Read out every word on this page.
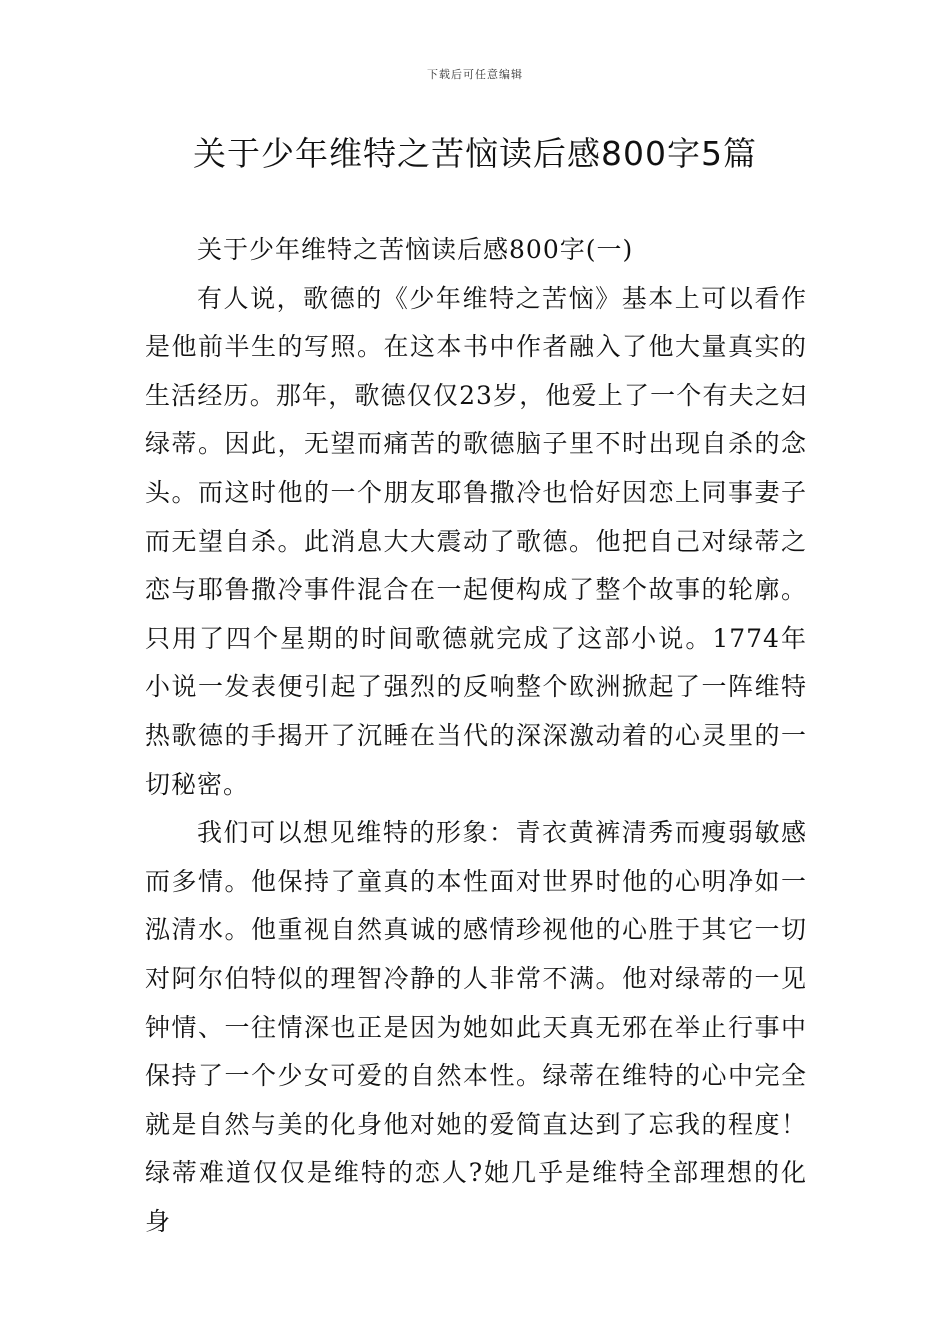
下载后可任意编辑
关于少年维特之苦恼读后感800字5篇

关于少年维特之苦恼读后感800字(一)

有人说，歌德的《少年维特之苦恼》基本上可以看作是他前半生的写照。在这本书中作者融入了他大量真实的生活经历。那年，歌德仅仅23岁，他爱上了一个有夫之妇绿蒂。因此，无望而痛苦的歌德脑子里不时出现自杀的念头。而这时他的一个朋友耶鲁撒冷也恰好因恋上同事妻子而无望自杀。此消息大大震动了歌德。他把自己对绿蒂之恋与耶鲁撒冷事件混合在一起便构成了整个故事的轮廓。只用了四个星期的时间歌德就完成了这部小说。1774年小说一发表便引起了强烈的反响整个欧洲掀起了一阵维特热歌德的手揭开了沉睡在当代的深深激动着的心灵里的一切秘密。

我们可以想见维特的形象：青衣黄裤清秀而瘦弱敏感而多情。他保持了童真的本性面对世界时他的心明净如一泓清水。他重视自然真诚的感情珍视他的心胜于其它一切对阿尔伯特似的理智冷静的人非常不满。他对绿蒂的一见钟情、一往情深也正是因为她如此天真无邪在举止行事中保持了一个少女可爱的自然本性。绿蒂在维特的心中完全就是自然与美的化身他对她的爱简直达到了忘我的程度！绿蒂难道仅仅是维特的恋人?她几乎是维特全部理想的化身
